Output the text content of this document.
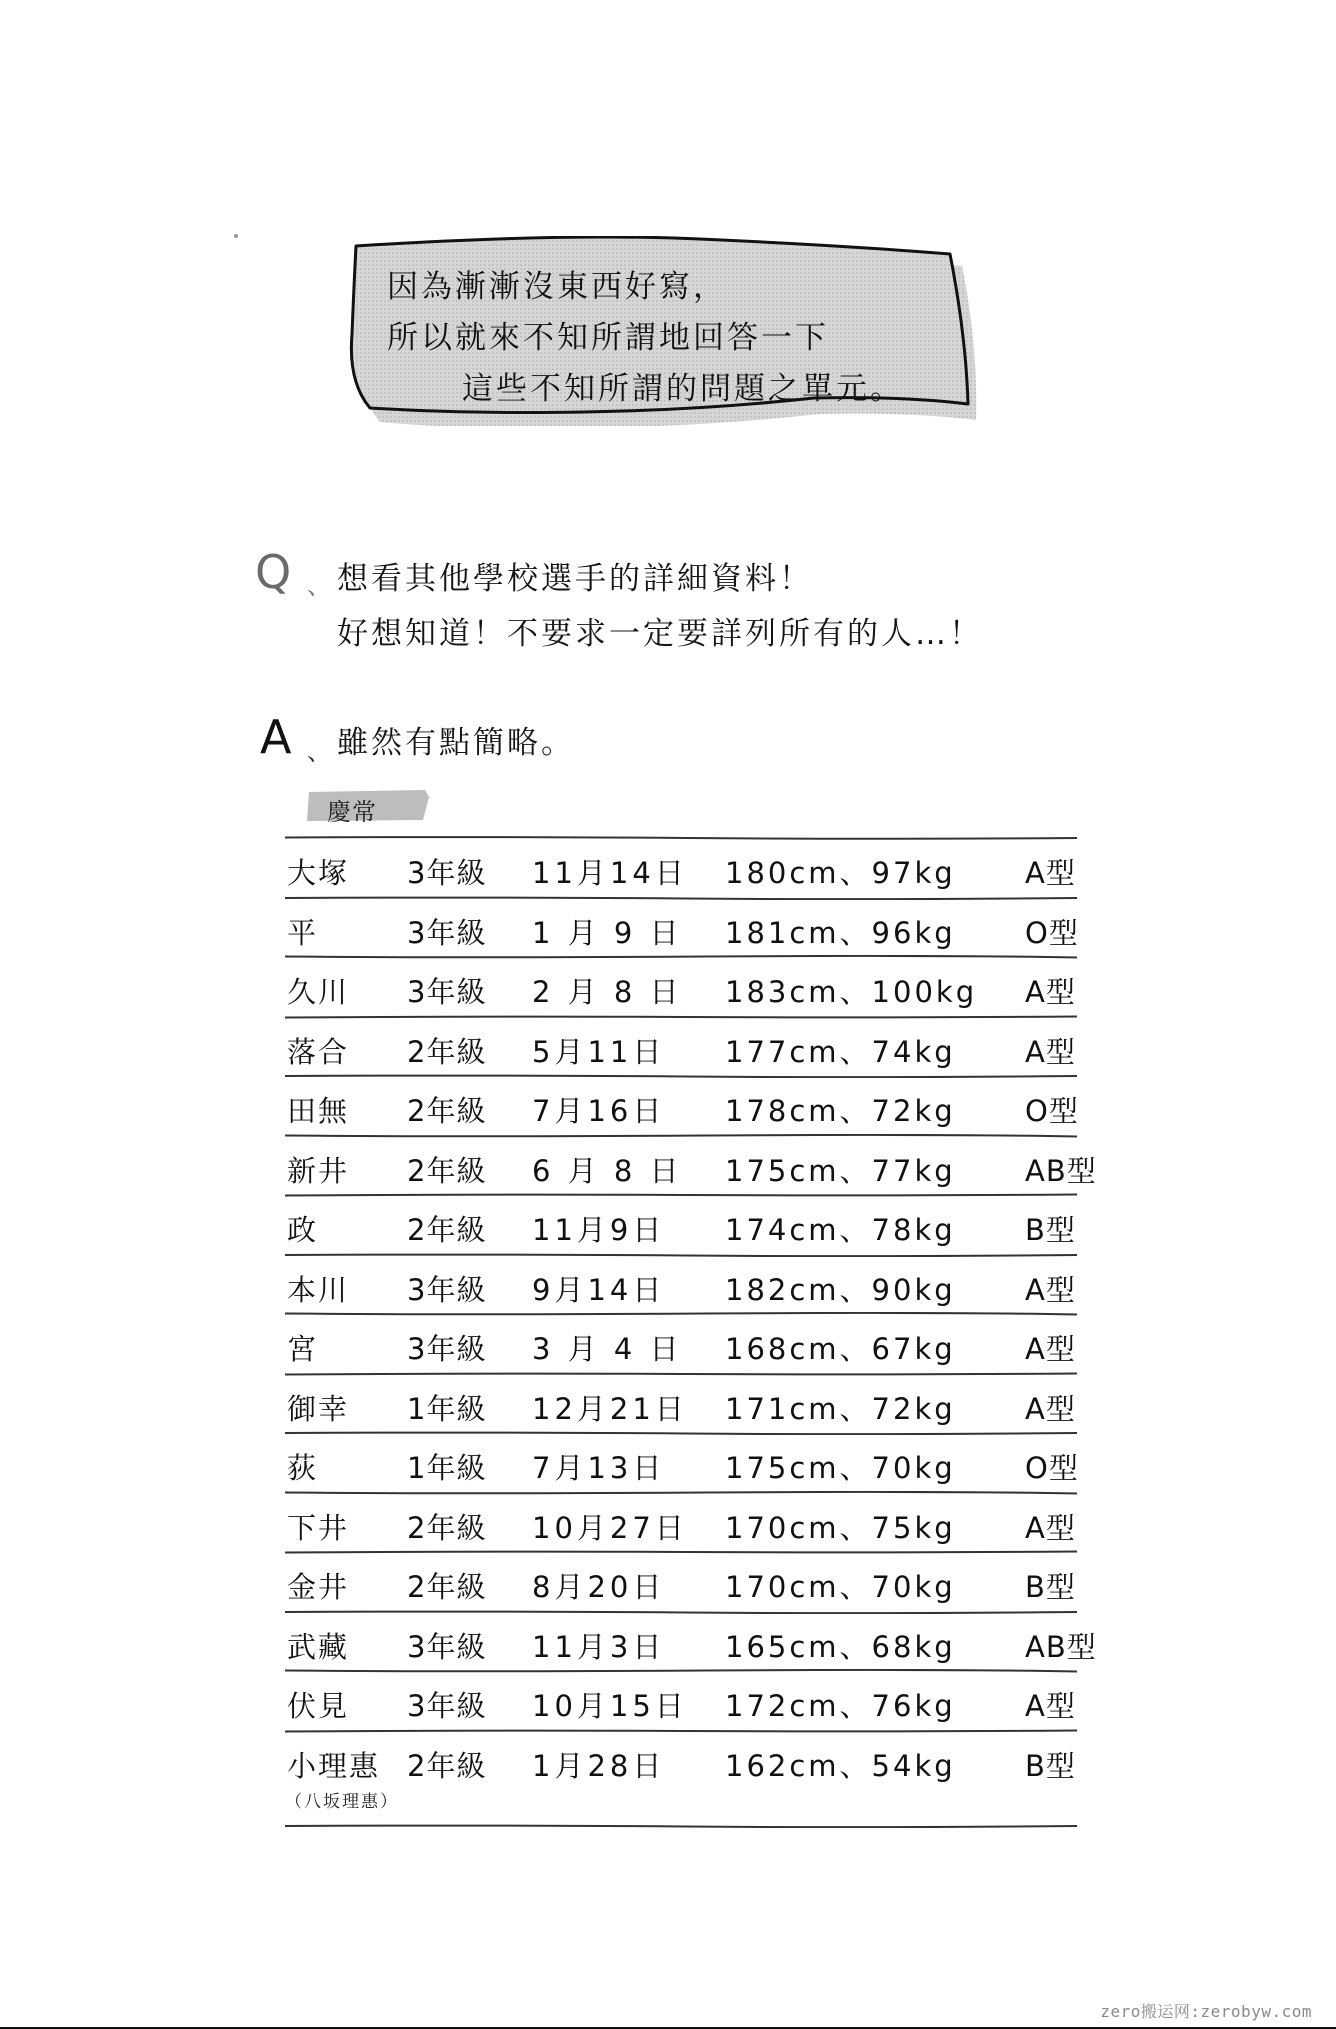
因為漸漸沒東西好寫，
所以就來不知所謂地回答一下
這些不知所謂的問題之單元。
Q 、 想看其他學校選手的詳細資料！
好想知道！不要求一定要詳列所有的人…！
A 、 雖然有點簡略。
慶常
大塚 3年級 11月14日 180cm、97kg A型
平	3年級 1 月 9 日 181cm、96kg O型
久川 3年級 2 月 8 日 183cm、100kg A型
落合 2年級 5月11日 177cm、74kg A型
田無 2年級 7月16日 178cm、72kg O型
新井 2年級 6 月 8 日 175cm、77kg AB型
政	2年級 11月9日 174cm、78kg B型
本川 3年級 9月14日 182cm、90kg A型
宮	3年級 3 月 4 日 168cm、67kg A型
御幸 1年級 12月21日 171cm、72kg A型
荻	1年級 7月13日 175cm、70kg O型
下井 2年級 10月27日 170cm、75kg A型
金井 2年級 8月20日 170cm、70kg B型
武藏 3年級 11月3日 165cm、68kg AB型
伏見 3年級 10月15日 172cm、76kg A型
小理惠 2年級 1月28日 162cm、54kg B型
（八坂理惠）
zero搬运网:zerobyw.com
